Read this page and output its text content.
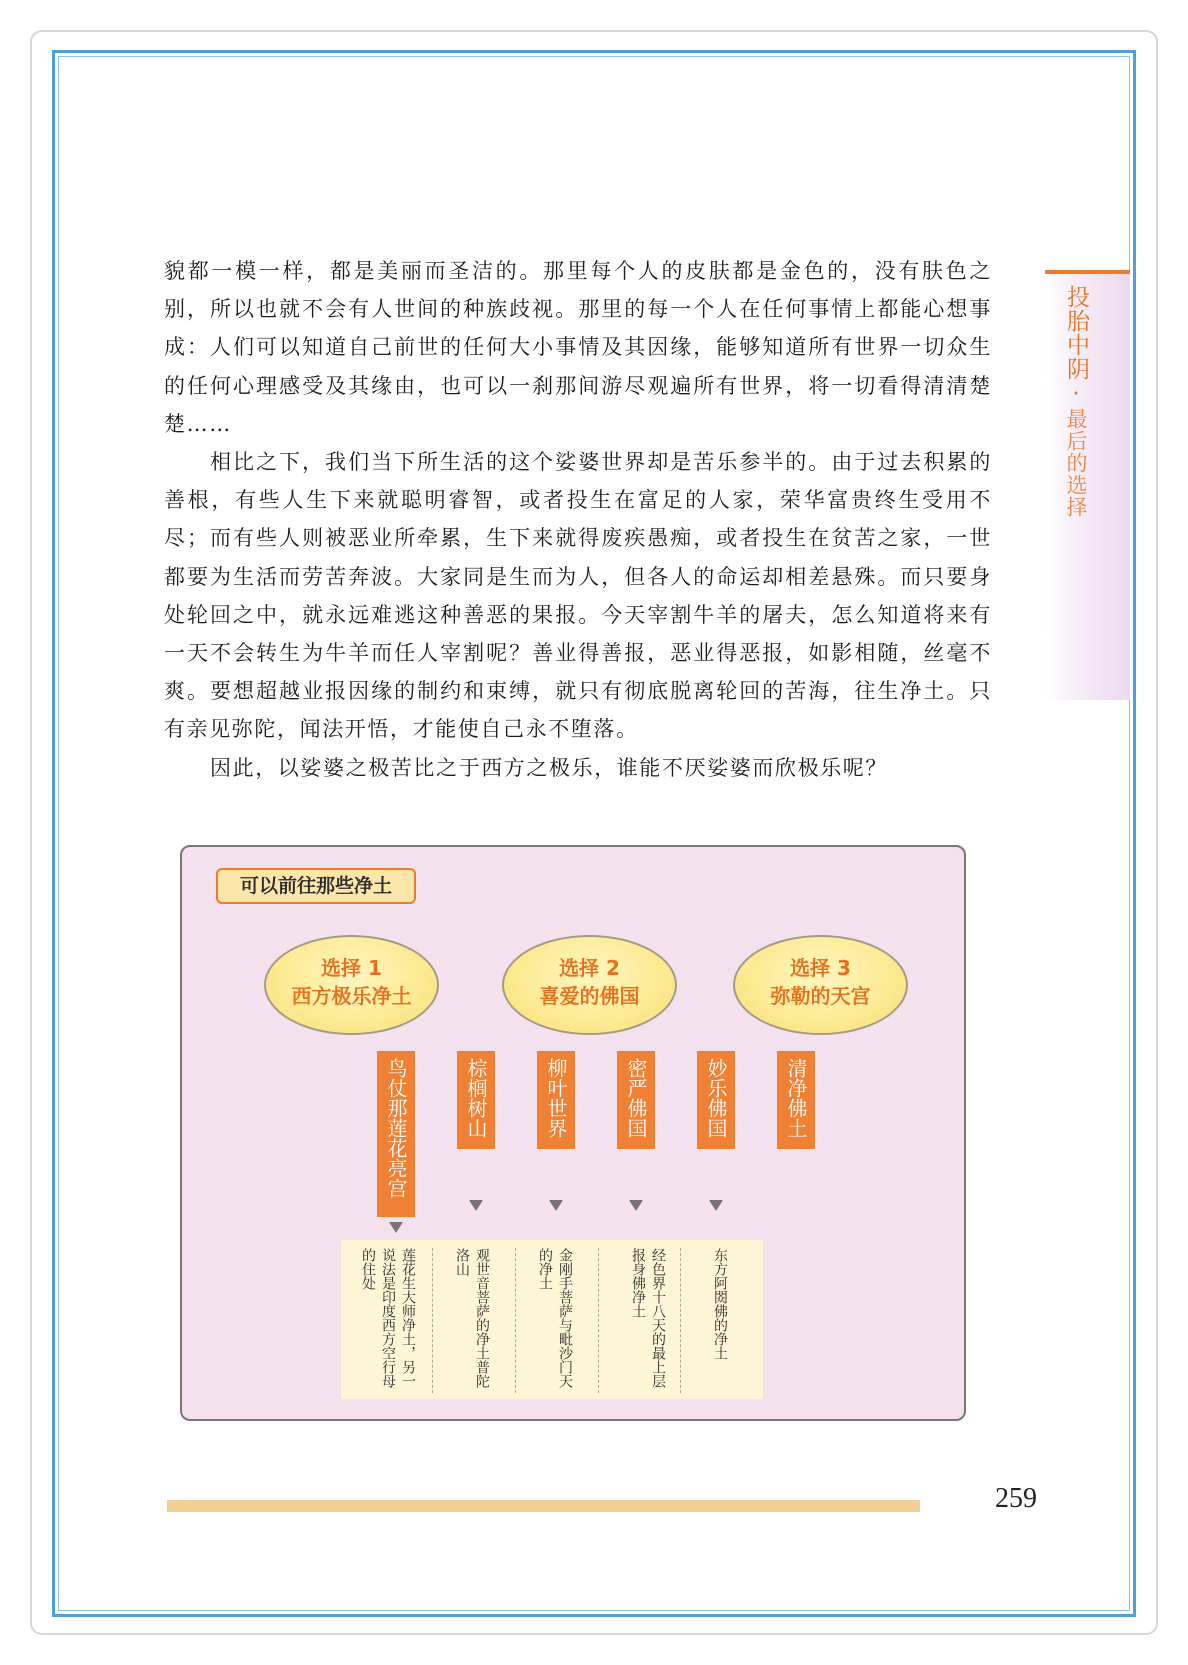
投胎中阴·最后的选择

貌都一模一样，都是美丽而圣洁的。那里每个人的皮肤都是金色的，没有肤色之别，所以也就不会有人世间的种族歧视。那里的每一个人在任何事情上都能心想事成：人们可以知道自己前世的任何大小事情及其因缘，能够知道所有世界一切众生的任何心理感受及其缘由，也可以一刹那间游尽观遍所有世界，将一切看得清清楚楚……

相比之下，我们当下所生活的这个娑婆世界却是苦乐参半的。由于过去积累的善根，有些人生下来就聪明睿智，或者投生在富足的人家，荣华富贵终生受用不尽；而有些人则被恶业所牵累，生下来就得废疾愚痴，或者投生在贫苦之家，一世都要为生活而劳苦奔波。大家同是生而为人，但各人的命运却相差悬殊。而只要身处轮回之中，就永远难逃这种善恶的果报。今天宰割牛羊的屠夫，怎么知道将来有一天不会转生为牛羊而任人宰割呢？善业得善报，恶业得恶报，如影相随，丝毫不爽。要想超越业报因缘的制约和束缚，就只有彻底脱离轮回的苦海，往生净土。只有亲见弥陀，闻法开悟，才能使自己永不堕落。

因此，以娑婆之极苦比之于西方之极乐，谁能不厌娑婆而欣极乐呢？

可以前往那些净土
选择 1
西方极乐净土
选择 2
喜爱的佛国
选择 3
弥勒的天宫
鸟仗那莲花亮宫	棕榈树山	柳叶世界	密严佛国	妙乐佛国	清净佛土
莲花生大师净土，另一说法是印度西方空行母的住处	观世音菩萨的净土普陀洛山	金刚手菩萨与毗沙门天的净土	经色界十八天的最上层报身佛净土	东方阿閦佛的净土
259
